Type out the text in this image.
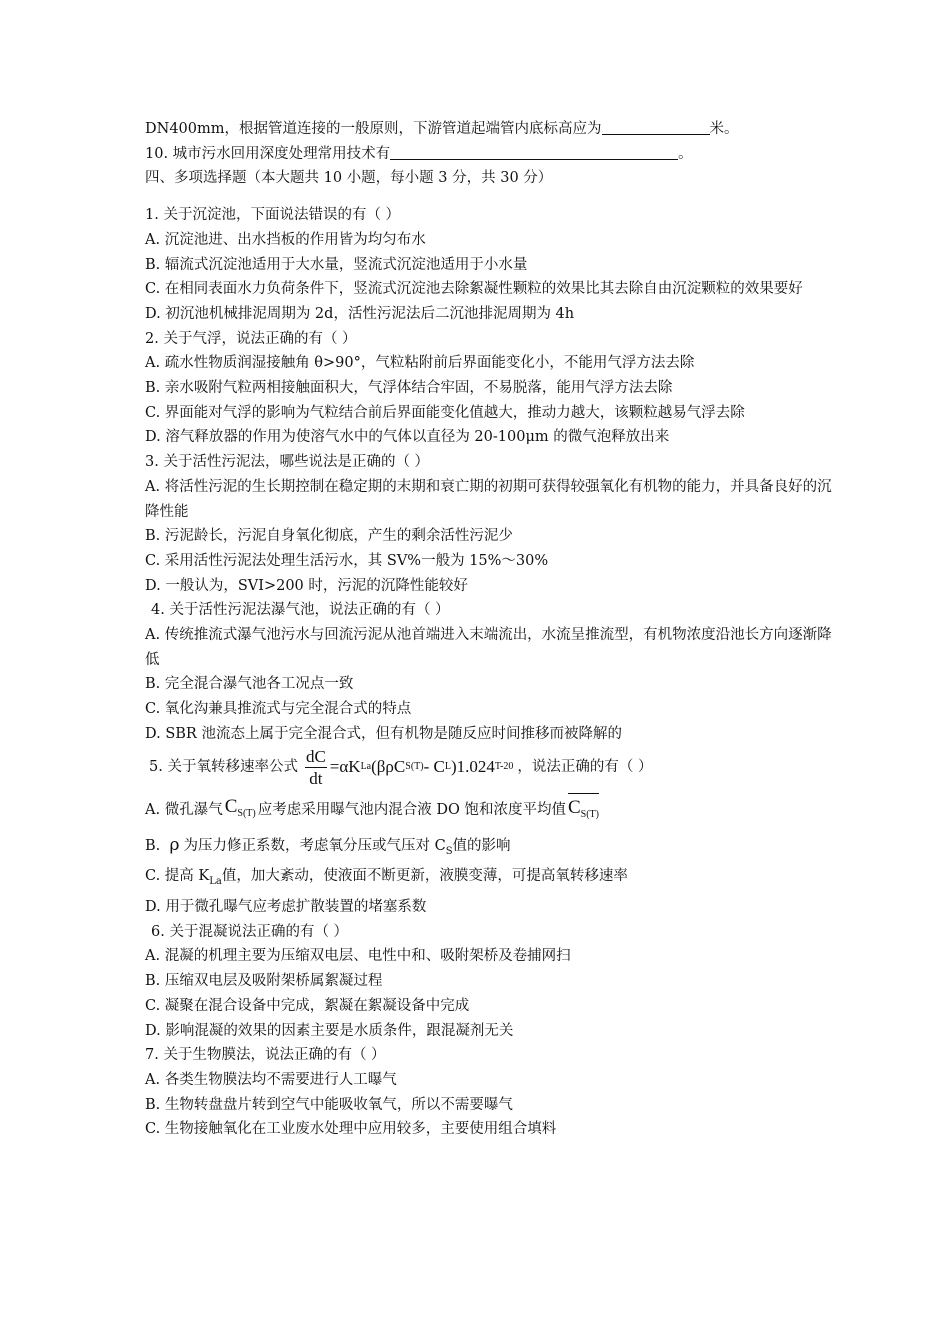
DN400mm，根据管道连接的一般原则，下游管道起端管内底标高应为	米。
10. 城市污水回用深度处理常用技术有	。
四、多项选择题（本大题共 10 小题，每小题 3 分，共 30 分）
1. 关于沉淀池，下面说法错误的有（ ）
A. 沉淀池进、出水挡板的作用皆为均匀布水
B. 辐流式沉淀池适用于大水量，竖流式沉淀池适用于小水量
C. 在相同表面水力负荷条件下，竖流式沉淀池去除絮凝性颗粒的效果比其去除自由沉淀颗粒的效果要好
D. 初沉池机械排泥周期为 2d，活性污泥法后二沉池排泥周期为 4h
2. 关于气浮，说法正确的有（ ）
A. 疏水性物质润湿接触角 θ>90°，气粒粘附前后界面能变化小，不能用气浮方法去除
B. 亲水吸附气粒两相接触面积大，气浮体结合牢固，不易脱落，能用气浮方法去除
C. 界面能对气浮的影响为气粒结合前后界面能变化值越大，推动力越大，该颗粒越易气浮去除
D. 溶气释放器的作用为使溶气水中的气体以直径为 20-100μm 的微气泡释放出来
3. 关于活性污泥法，哪些说法是正确的（ ）
A. 将活性污泥的生长期控制在稳定期的末期和衰亡期的初期可获得较强氧化有机物的能力，并具备良好的沉降性能
B. 污泥龄长，污泥自身氧化彻底，产生的剩余活性污泥少
C. 采用活性污泥法处理生活污水，其 SV%一般为 15%～30%
D. 一般认为，SVI>200 时，污泥的沉降性能较好
4. 关于活性污泥法瀑气池，说法正确的有（ ）
A. 传统推流式瀑气池污水与回流污泥从池首端进入末端流出，水流呈推流型，有机物浓度沿池长方向逐渐降低
B. 完全混合瀑气池各工况点一致
C. 氧化沟兼具推流式与完全混合式的特点
D. SBR 池流态上属于完全混合式，但有机物是随反应时间推移而被降解的
5. 关于氧转移速率公式 $\frac{dC}{dt} =\alpha K$ La (βρC S(T) - C L )1.024 T-20 ，说法正确的有（ ）
A. 微孔瀑气 $C_{S(T)}$ 应考虑采用曝气池内混合液 DO 饱和浓度平均值 $C_{S(T)}$
B. ρ 为压力修正系数，考虑氧分压或气压对 $C_S$值的影响
C. 提高 $K_{La}$值，加大紊动，使液面不断更新，液膜变薄，可提高氧转移速率
D. 用于微孔曝气应考虑扩散装置的堵塞系数
6. 关于混凝说法正确的有（ ）
A. 混凝的机理主要为压缩双电层、电性中和、吸附架桥及卷捕网扫
B. 压缩双电层及吸附架桥属絮凝过程
C. 凝聚在混合设备中完成，絮凝在絮凝设备中完成
D. 影响混凝的效果的因素主要是水质条件，跟混凝剂无关
7. 关于生物膜法，说法正确的有（ ）
A. 各类生物膜法均不需要进行人工曝气
B. 生物转盘盘片转到空气中能吸收氧气，所以不需要曝气
C. 生物接触氧化在工业废水处理中应用较多，主要使用组合填料
